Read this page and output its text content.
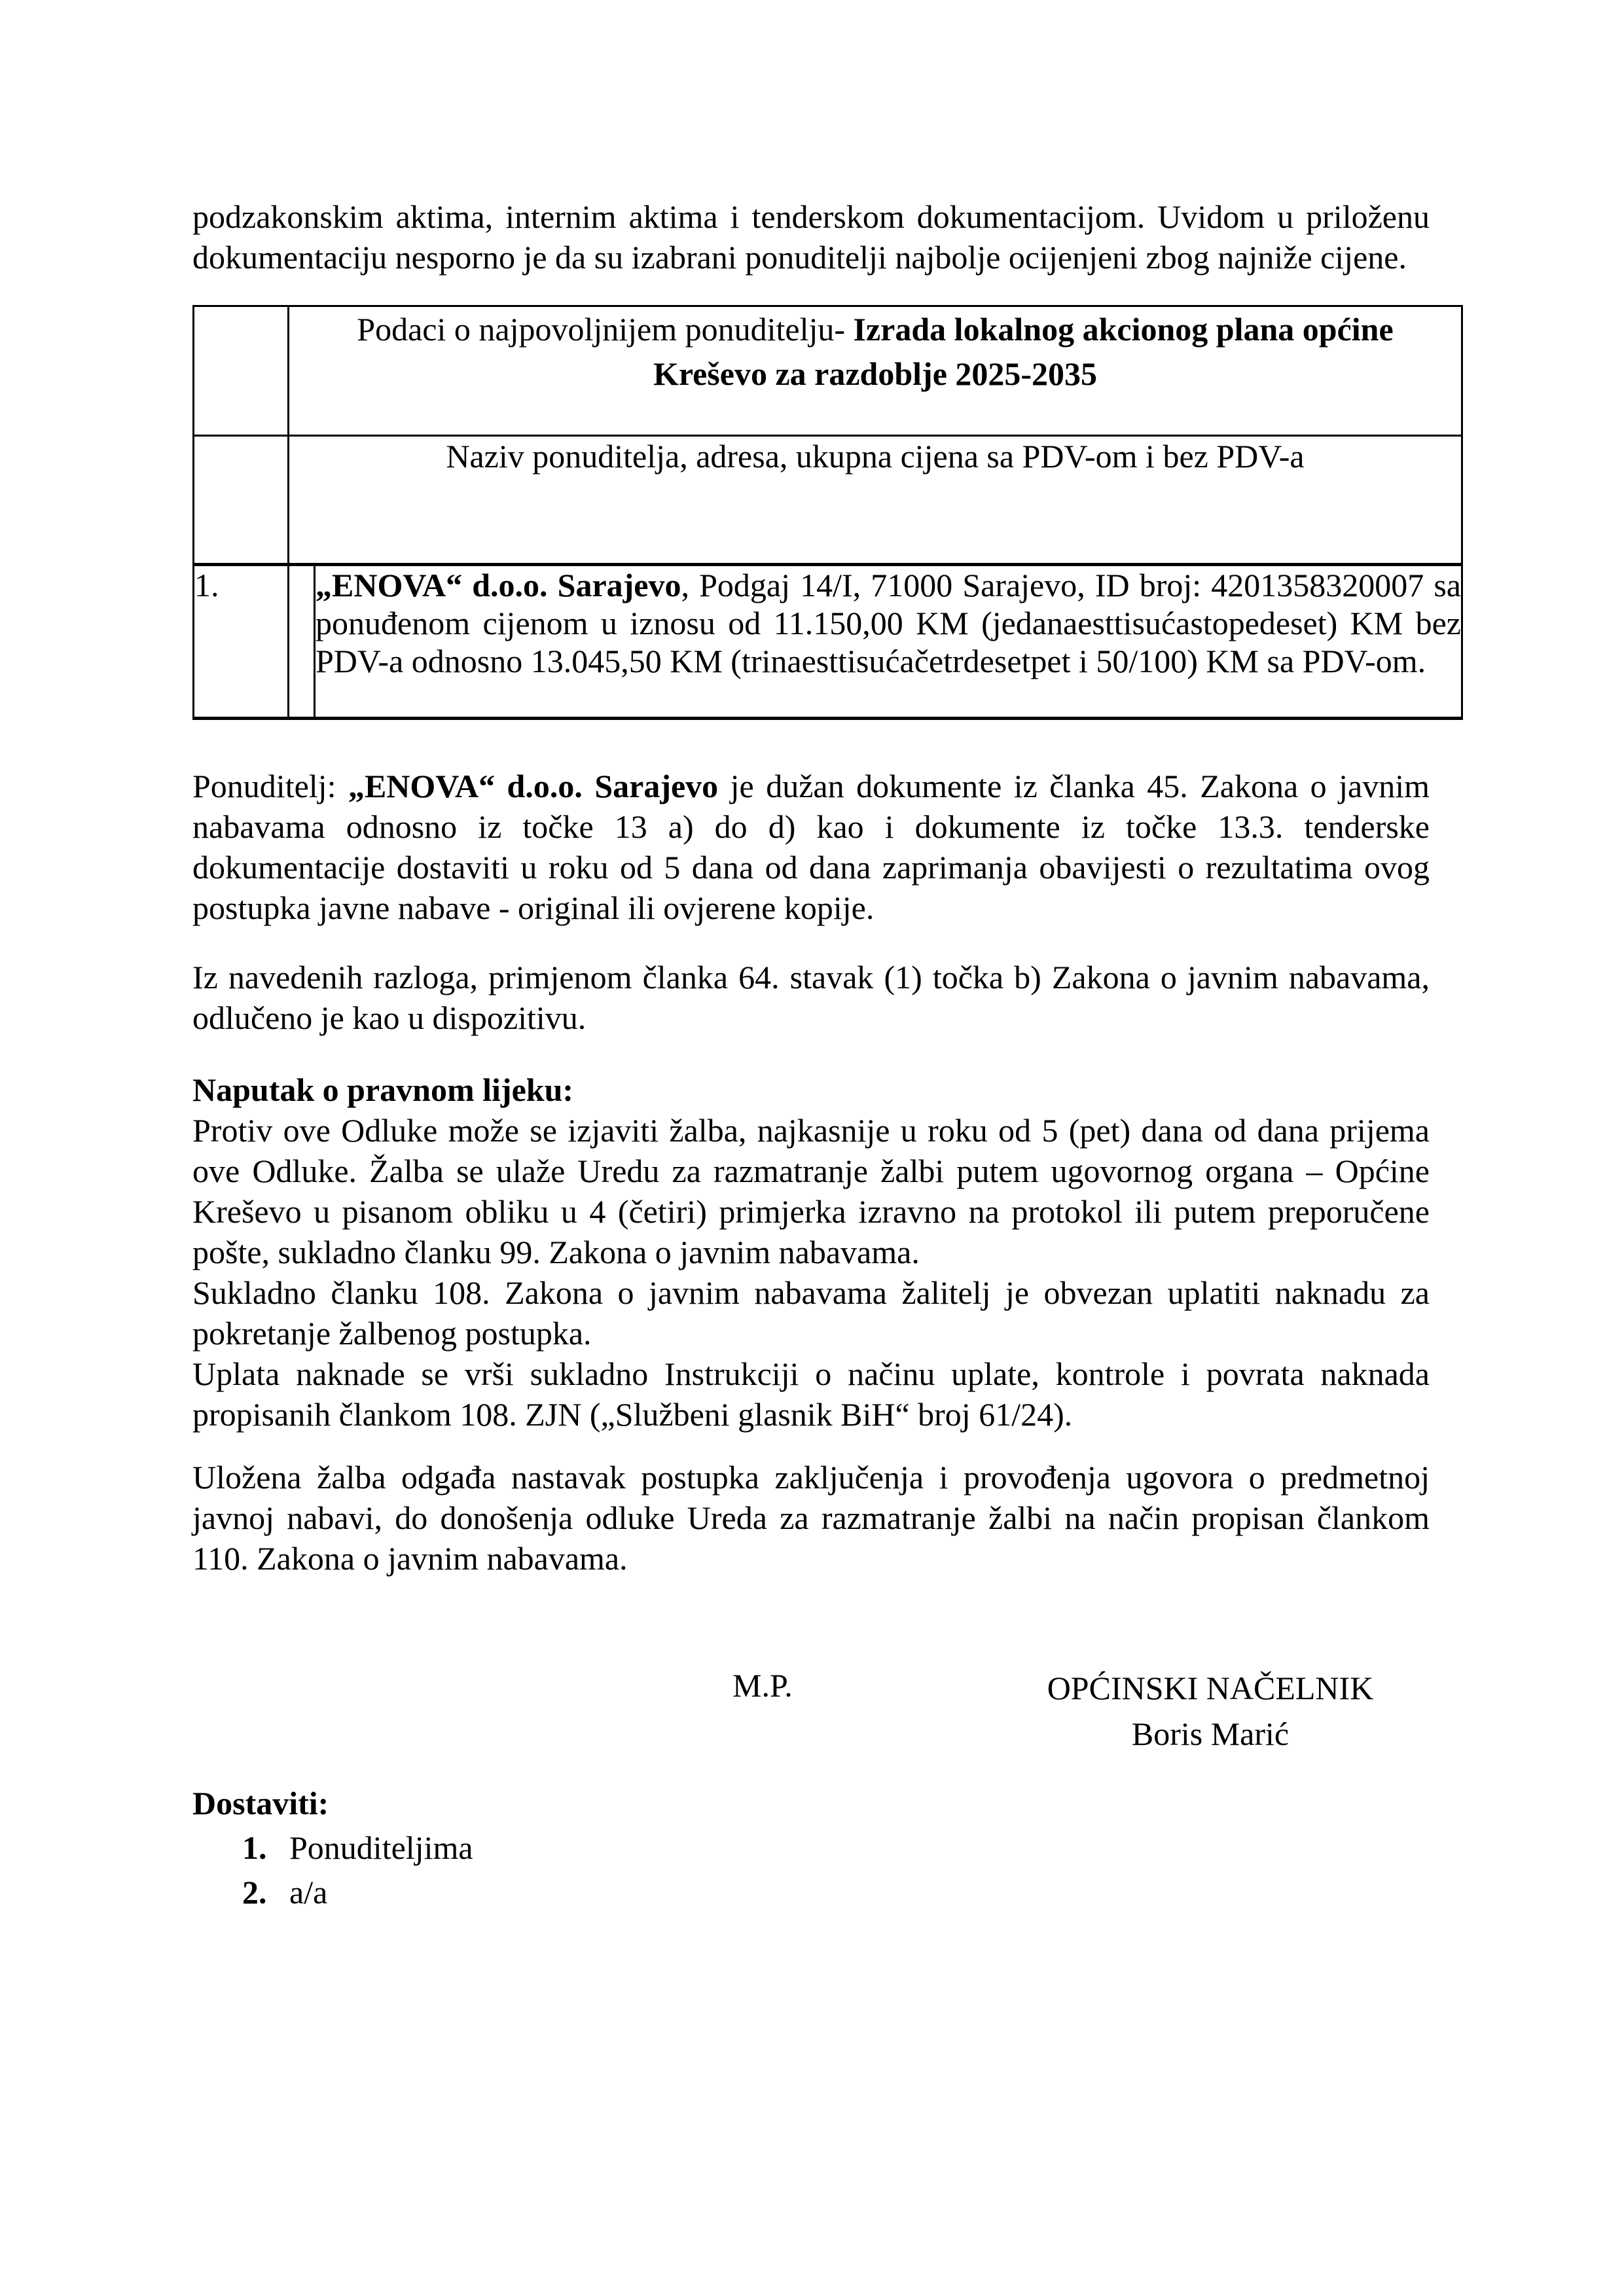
podzakonskim aktima, internim aktima i tenderskom dokumentacijom. Uvidom u priloženu dokumentaciju nesporno je da su izabrani ponuditelji najbolje ocijenjeni zbog najniže cijene.

	Podaci o najpovoljnijem ponuditelju- Izrada lokalnog akcionog plana općine
Kreševo za razdoblje 2025-2035	
	Naziv ponuditelja, adresa, ukupna cijena sa PDV-om i bez PDV-a	
1.		„ENOVA“ d.o.o. Sarajevo, Podgaj 14/I, 71000 Sarajevo, ID broj: 4201358320007 sa ponuđenom cijenom u iznosu od 11.150,00 KM (jedanaesttisućastopedeset) KM bez PDV-a odnosno 13.045,50 KM (trinaesttisućačetrdesetpet i 50/100) KM sa PDV-om.

Ponuditelj: „ENOVA“ d.o.o. Sarajevo je dužan dokumente iz članka 45. Zakona o javnim nabavama odnosno iz točke 13 a) do d) kao i dokumente iz točke 13.3. tenderske dokumentacije dostaviti u roku od 5 dana od dana zaprimanja obavijesti o rezultatima ovog postupka javne nabave - original ili ovjerene kopije.

Iz navedenih razloga, primjenom članka 64. stavak (1) točka b) Zakona o javnim nabavama, odlučeno je kao u dispozitivu.

Naputak o pravnom lijeku:

Protiv ove Odluke može se izjaviti žalba, najkasnije u roku od 5 (pet) dana od dana prijema ove Odluke. Žalba se ulaže Uredu za razmatranje žalbi putem ugovornog organa – Općine Kreševo u pisanom obliku u 4 (četiri) primjerka izravno na protokol ili putem preporučene pošte, sukladno članku 99. Zakona o javnim nabavama.

Sukladno članku 108. Zakona o javnim nabavama žalitelj je obvezan uplatiti naknadu za pokretanje žalbenog postupka.

Uplata naknade se vrši sukladno Instrukciji o načinu uplate, kontrole i povrata naknada propisanih člankom 108. ZJN („Službeni glasnik BiH“ broj 61/24).

Uložena žalba odgađa nastavak postupka zaključenja i provođenja ugovora o predmetnoj javnoj nabavi, do donošenja odluke Ureda za razmatranje žalbi na način propisan člankom 110. Zakona o javnim nabavama.

M.P.	OPĆINSKI NAČELNIK
Boris Marić

Dostaviti:

1. Ponuditeljima
2. a/a
